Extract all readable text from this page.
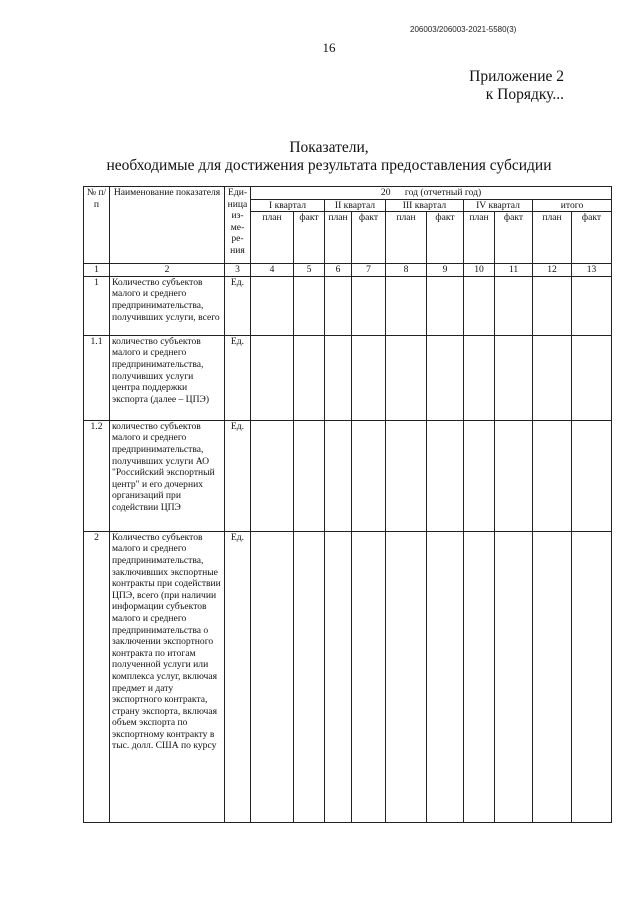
206003/206003-2021-5580(3)
16
Приложение 2
к Порядку...
Показатели,
необходимые для достижения результата предоставления субсидии
№ п/п	Наименование показателя	Еди-ница из-ме-ре-ния	20      год (отчетный год)									
			I квартал		II квартал		III квартал		IV квартал		итого	
			план	факт	план	факт	план	факт	план	факт	план	факт
1	2	3	4	5	6	7	8	9	10	11	12	13
1	Количество субъектов малого и среднего предпринимательства, получивших услуги, всего	Ед.										
1.1	количество субъектов малого и среднего предпринимательства, получивших услуги центра поддержки экспорта (далее – ЦПЭ)	Ед.										
1.2	количество субъектов малого и среднего предпринимательства, получивших услуги АО "Российский экспортный центр" и его дочерних организаций при содействии ЦПЭ	Ед.										
2	Количество субъектов малого и среднего предпринимательства, заключивших экспортные контракты при содействии ЦПЭ, всего (при наличии информации субъектов малого и среднего предпринимательства о заключении экспортного контракта по итогам полученной услуги или комплекса услуг, включая предмет и дату экспортного контракта, страну экспорта, включая объем экспорта по экспортному контракту в тыс. долл. США по курсу	Ед.										
